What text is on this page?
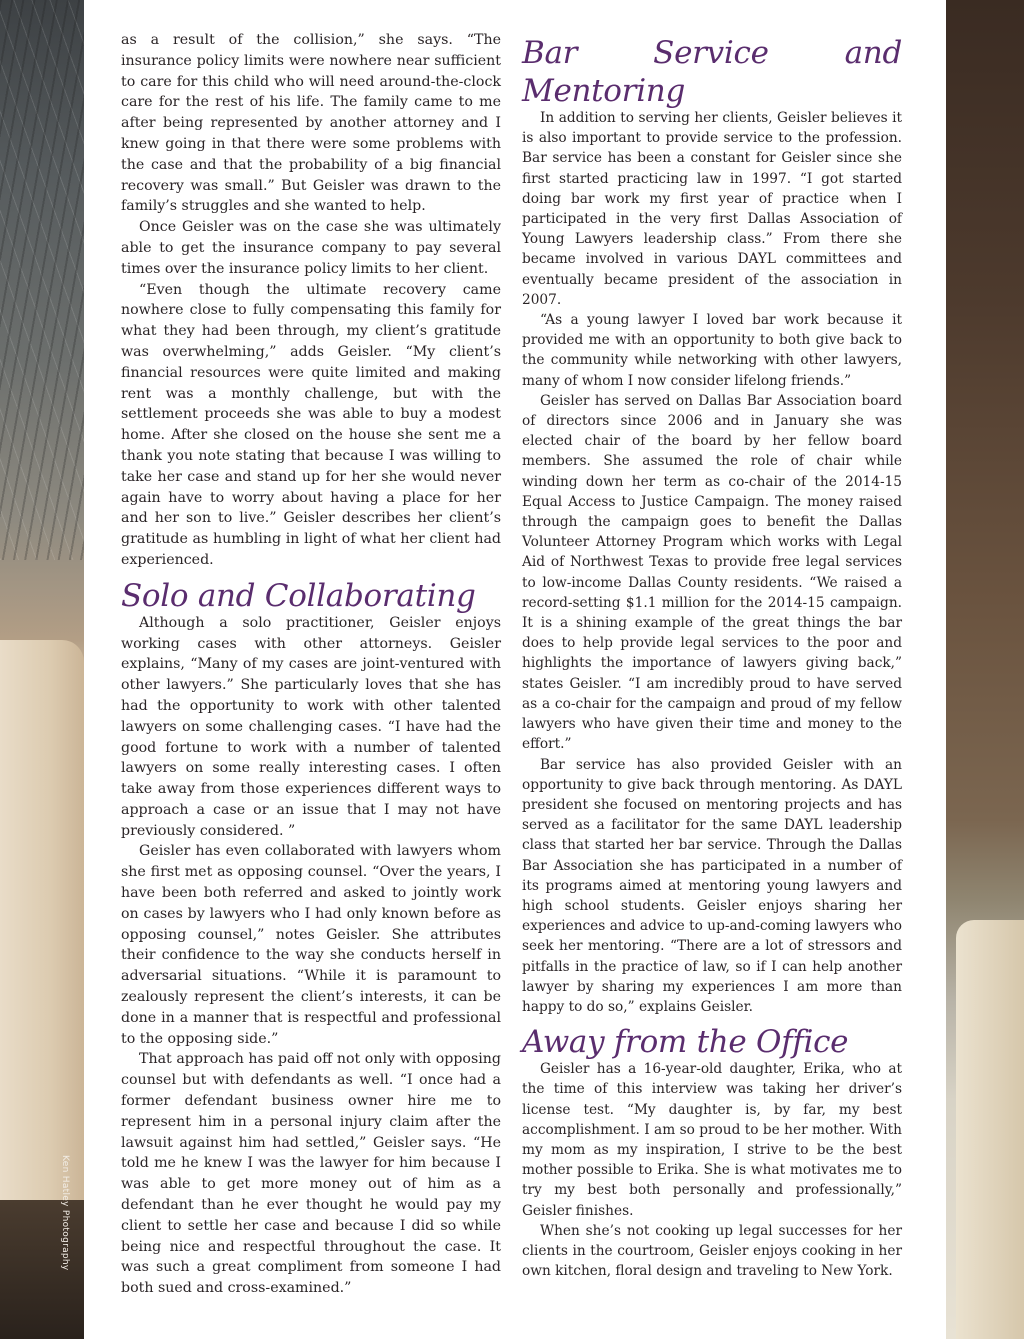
Ken Hatley Photography

as a result of the collision,” she says. “The insurance policy limits were nowhere near sufficient to care for this child who will need around-the-clock care for the rest of his life. The family came to me after being represented by another attorney and I knew going in that there were some problems with the case and that the probability of a big financial recovery was small.” But Geisler was drawn to the family’s struggles and she wanted to help.

Once Geisler was on the case she was ultimately able to get the insurance company to pay several times over the insurance policy limits to her client.

“Even though the ultimate recovery came nowhere close to fully compensating this family for what they had been through, my client’s gratitude was overwhelming,” adds Geisler. “My client’s financial resources were quite limited and making rent was a monthly challenge, but with the settlement proceeds she was able to buy a modest home. After she closed on the house she sent me a thank you note stating that because I was willing to take her case and stand up for her she would never again have to worry about having a place for her and her son to live.” Geisler describes her client’s gratitude as humbling in light of what her client had experienced.

Solo and Collaborating

Although a solo practitioner, Geisler enjoys working cases with other attorneys. Geisler explains, “Many of my cases are joint-ventured with other lawyers.” She particularly loves that she has had the opportunity to work with other talented lawyers on some challenging cases. “I have had the good fortune to work with a number of talented lawyers on some really interesting cases. I often take away from those experiences different ways to approach a case or an issue that I may not have previously considered. ”

Geisler has even collaborated with lawyers whom she first met as opposing counsel. “Over the years, I have been both referred and asked to jointly work on cases by lawyers who I had only known before as opposing counsel,” notes Geisler. She attributes their confidence to the way she conducts herself in adversarial situations. “While it is paramount to zealously represent the client’s interests, it can be done in a manner that is respectful and professional to the opposing side.”

That approach has paid off not only with opposing counsel but with defendants as well. “I once had a former defendant business owner hire me to represent him in a personal injury claim after the lawsuit against him had settled,” Geisler says. “He told me he knew I was the lawyer for him because I was able to get more money out of him as a defendant than he ever thought he would pay my client to settle her case and because I did so while being nice and respectful throughout the case. It was such a great compliment from someone I had both sued and cross-examined.”

Bar Service and Mentoring

In addition to serving her clients, Geisler believes it is also important to provide service to the profession. Bar service has been a constant for Geisler since she first started practicing law in 1997. “I got started doing bar work my first year of practice when I participated in the very first Dallas Association of Young Lawyers leadership class.” From there she became involved in various DAYL committees and eventually became president of the association in 2007.

“As a young lawyer I loved bar work because it provided me with an opportunity to both give back to the community while networking with other lawyers, many of whom I now consider lifelong friends.”

Geisler has served on Dallas Bar Association board of directors since 2006 and in January she was elected chair of the board by her fellow board members. She assumed the role of chair while winding down her term as co-chair of the 2014-15 Equal Access to Justice Campaign. The money raised through the campaign goes to benefit the Dallas Volunteer Attorney Program which works with Legal Aid of Northwest Texas to provide free legal services to low-income Dallas County residents. “We raised a record-setting $1.1 million for the 2014-15 campaign. It is a shining example of the great things the bar does to help provide legal services to the poor and highlights the importance of lawyers giving back,” states Geisler. “I am incredibly proud to have served as a co-chair for the campaign and proud of my fellow lawyers who have given their time and money to the effort.”

Bar service has also provided Geisler with an opportunity to give back through mentoring. As DAYL president she focused on mentoring projects and has served as a facilitator for the same DAYL leadership class that started her bar service. Through the Dallas Bar Association she has participated in a number of its programs aimed at mentoring young lawyers and high school students. Geisler enjoys sharing her experiences and advice to up-and-coming lawyers who seek her mentoring. “There are a lot of stressors and pitfalls in the practice of law, so if I can help another lawyer by sharing my experiences I am more than happy to do so,” explains Geisler.

Away from the Office

Geisler has a 16-year-old daughter, Erika, who at the time of this interview was taking her driver’s license test. “My daughter is, by far, my best accomplishment. I am so proud to be her mother. With my mom as my inspiration, I strive to be the best mother possible to Erika. She is what motivates me to try my best both personally and professionally,” Geisler finishes.

When she’s not cooking up legal successes for her clients in the courtroom, Geisler enjoys cooking in her own kitchen, floral design and traveling to New York.
